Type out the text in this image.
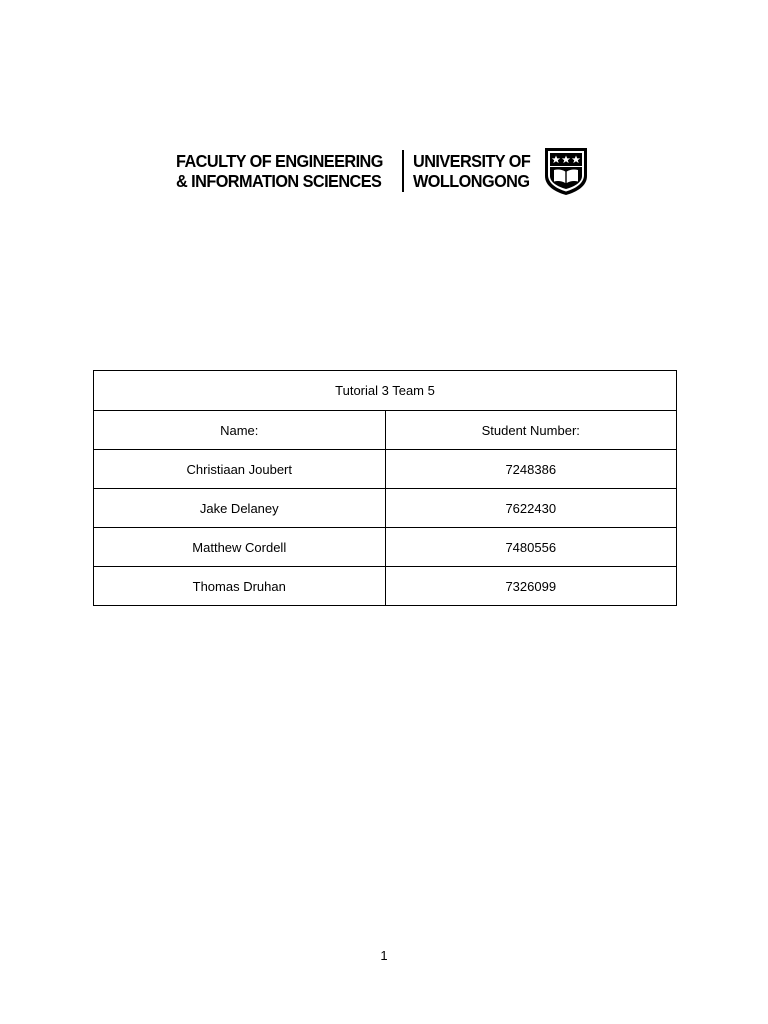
FACULTY OF ENGINEERING
& INFORMATION SCIENCES
UNIVERSITY OF
WOLLONGONG
Tutorial 3 Team 5	
Name:	Student Number:
Christiaan Joubert	7248386
Jake Delaney	7622430
Matthew Cordell	7480556
Thomas Druhan	7326099
1
